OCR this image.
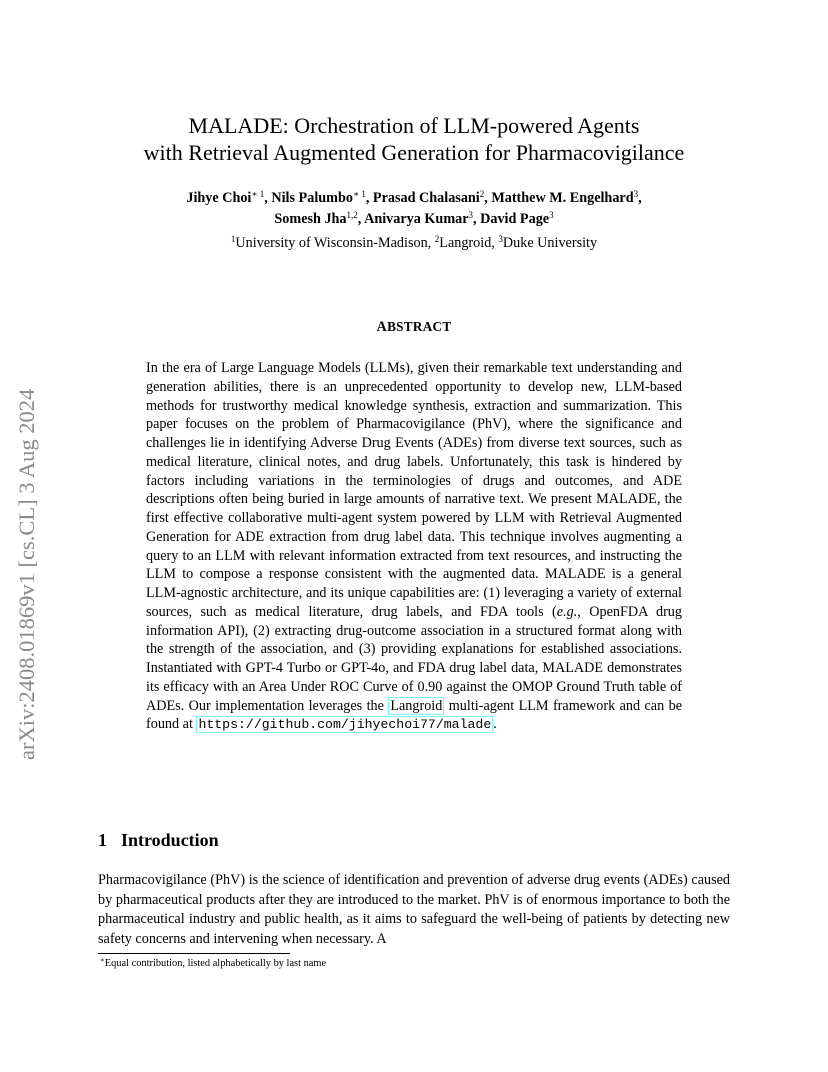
arXiv:2408.01869v1 [cs.CL] 3 Aug 2024
MALADE: Orchestration of LLM-powered Agents
with Retrieval Augmented Generation for Pharmacovigilance
Jihye Choi$^{∗ 1}$, Nils Palumbo$^{∗ 1}$, Prasad Chalasani$^2$, Matthew M. Engelhard$^3$,
Somesh Jha$^{1,2}$, Anivarya Kumar$^3$, David Page$^3$
$^1$University of Wisconsin-Madison, $^2$Langroid, $^3$Duke University
ABSTRACT

In the era of Large Language Models (LLMs), given their remarkable text understanding and generation abilities, there is an unprecedented opportunity to develop new, LLM-based methods for trustworthy medical knowledge synthesis, extraction and summarization. This paper focuses on the problem of Pharmacovigilance (PhV), where the significance and challenges lie in identifying Adverse Drug Events (ADEs) from diverse text sources, such as medical literature, clinical notes, and drug labels. Unfortunately, this task is hindered by factors including variations in the terminologies of drugs and outcomes, and ADE descriptions often being buried in large amounts of narrative text. We present MALADE, the first effective collaborative multi-agent system powered by LLM with Retrieval Augmented Generation for ADE extraction from drug label data. This technique involves augmenting a query to an LLM with relevant information extracted from text resources, and instructing the LLM to compose a response consistent with the augmented data. MALADE is a general LLM-agnostic architecture, and its unique capabilities are: (1) leveraging a variety of external sources, such as medical literature, drug labels, and FDA tools (e.g., OpenFDA drug information API), (2) extracting drug-outcome association in a structured format along with the strength of the association, and (3) providing explanations for established associations. Instantiated with GPT-4 Turbo or GPT-4o, and FDA drug label data, MALADE demonstrates its efficacy with an Area Under ROC Curve of 0.90 against the OMOP Ground Truth table of ADEs. Our implementation leverages the Langroid multi-agent LLM framework and can be found at https://github.com/jihyechoi77/malade .

1 Introduction

Pharmacovigilance (PhV) is the science of identification and prevention of adverse drug events (ADEs) caused by pharmaceutical products after they are introduced to the market. PhV is of enormous importance to both the pharmaceutical industry and public health, as it aims to safeguard the well-being of patients by detecting new safety concerns and intervening when necessary. A

∗Equal contribution, listed alphabetically by last name
